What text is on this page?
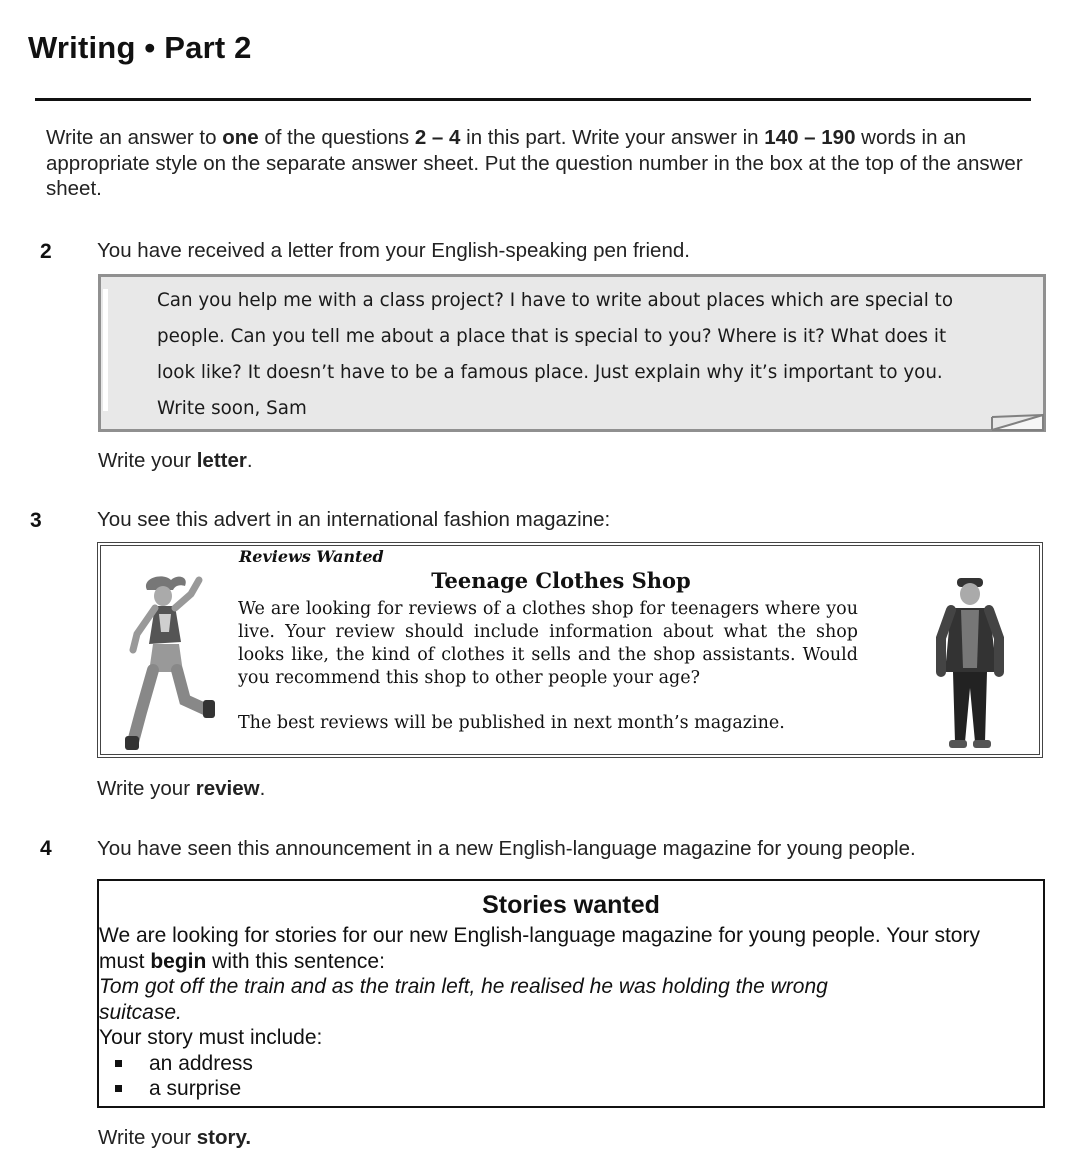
Writing • Part 2
Write an answer to one of the questions 2 – 4 in this part. Write your answer in 140 – 190 words in an appropriate style on the separate answer sheet. Put the question number in the box at the top of the answer sheet.
2 You have received a letter from your English-speaking pen friend.
Can you help me with a class project? I have to write about places which are special to
people. Can you tell me about a place that is special to you? Where is it? What does it
look like? It doesn’t have to be a famous place. Just explain why it’s important to you.
Write soon, Sam
Write your letter.
3	You see this advert in an international fashion magazine:
Reviews Wanted
Teenage Clothes Shop
We are looking for reviews of a clothes shop for teenagers where you live. Your review should include information about what the shop looks like, the kind of clothes it sells and the shop assistants. Would you recommend this shop to other people your age?
The best reviews will be published in next month’s magazine.
Write your review.
4 You have seen this announcement in a new English-language magazine for young people.
Stories wanted
We are looking for stories for our new English-language magazine for young people. Your story must begin with this sentence:
Tom got off the train and as the train left, he realised he was holding the wrong suitcase.
Your story must include:
an address
a surprise
Write your story.
